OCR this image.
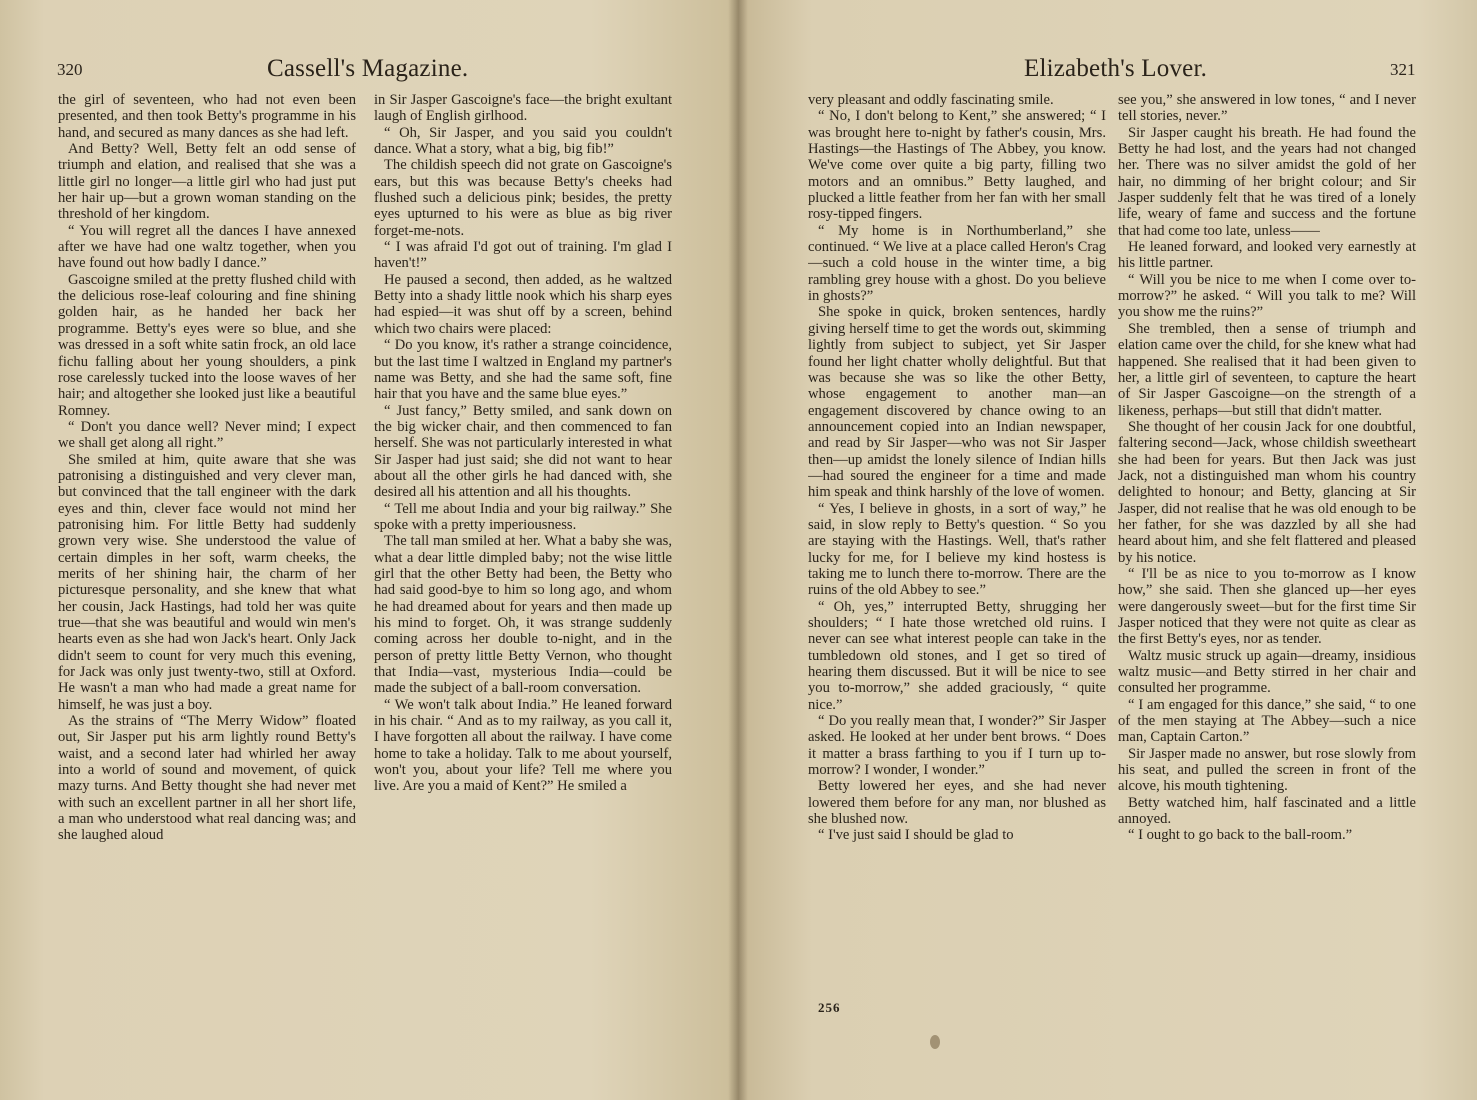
320	Cassell's Magazine.

the girl of seventeen, who had not even been presented, and then took Betty's programme in his hand, and secured as many dances as she had left.

And Betty? Well, Betty felt an odd sense of triumph and elation, and realised that she was a little girl no longer—a little girl who had just put her hair up—but a grown woman standing on the threshold of her kingdom.

“ You will regret all the dances I have annexed after we have had one waltz together, when you have found out how badly I dance.”

Gascoigne smiled at the pretty flushed child with the delicious rose-leaf colouring and fine shining golden hair, as he handed her back her programme. Betty's eyes were so blue, and she was dressed in a soft white satin frock, an old lace fichu falling about her young shoulders, a pink rose carelessly tucked into the loose waves of her hair; and altogether she looked just like a beautiful Romney.

“ Don't you dance well? Never mind; I expect we shall get along all right.”

She smiled at him, quite aware that she was patronising a distinguished and very clever man, but convinced that the tall engineer with the dark eyes and thin, clever face would not mind her patronising him. For little Betty had suddenly grown very wise. She understood the value of certain dimples in her soft, warm cheeks, the merits of her shining hair, the charm of her picturesque personality, and she knew that what her cousin, Jack Hastings, had told her was quite true—that she was beautiful and would win men's hearts even as she had won Jack's heart. Only Jack didn't seem to count for very much this evening, for Jack was only just twenty-two, still at Oxford. He wasn't a man who had made a great name for himself, he was just a boy.

As the strains of “The Merry Widow” floated out, Sir Jasper put his arm lightly round Betty's waist, and a second later had whirled her away into a world of sound and movement, of quick mazy turns. And Betty thought she had never met with such an excellent partner in all her short life, a man who understood what real dancing was; and she laughed aloud

in Sir Jasper Gascoigne's face—the bright exultant laugh of English girlhood.

“ Oh, Sir Jasper, and you said you couldn't dance. What a story, what a big, big fib!”

The childish speech did not grate on Gascoigne's ears, but this was because Betty's cheeks had flushed such a delicious pink; besides, the pretty eyes upturned to his were as blue as big river forget-me-nots.

“ I was afraid I'd got out of training. I'm glad I haven't!”

He paused a second, then added, as he waltzed Betty into a shady little nook which his sharp eyes had espied—it was shut off by a screen, behind which two chairs were placed:

“ Do you know, it's rather a strange coincidence, but the last time I waltzed in England my partner's name was Betty, and she had the same soft, fine hair that you have and the same blue eyes.”

“ Just fancy,” Betty smiled, and sank down on the big wicker chair, and then commenced to fan herself. She was not particularly interested in what Sir Jasper had just said; she did not want to hear about all the other girls he had danced with, she desired all his attention and all his thoughts.

“ Tell me about India and your big railway.” She spoke with a pretty imperiousness.

The tall man smiled at her. What a baby she was, what a dear little dimpled baby; not the wise little girl that the other Betty had been, the Betty who had said good-bye to him so long ago, and whom he had dreamed about for years and then made up his mind to forget. Oh, it was strange suddenly coming across her double to-night, and in the person of pretty little Betty Vernon, who thought that India—vast, mysterious India—could be made the subject of a ball-room conversation.

“ We won't talk about India.” He leaned forward in his chair. “ And as to my railway, as you call it, I have forgotten all about the railway. I have come home to take a holiday. Talk to me about yourself, won't you, about your life? Tell me where you live. Are you a maid of Kent?” He smiled a

Elizabeth's Lover.	321

very pleasant and oddly fascinating smile.

“ No, I don't belong to Kent,” she answered; “ I was brought here to-night by father's cousin, Mrs. Hastings—the Hastings of The Abbey, you know. We've come over quite a big party, filling two motors and an omnibus.” Betty laughed, and plucked a little feather from her fan with her small rosy-tipped fingers.

“ My home is in Northumberland,” she continued. “ We live at a place called Heron's Crag—such a cold house in the winter time, a big rambling grey house with a ghost. Do you believe in ghosts?”

She spoke in quick, broken sentences, hardly giving herself time to get the words out, skimming lightly from subject to subject, yet Sir Jasper found her light chatter wholly delightful. But that was because she was so like the other Betty, whose engagement to another man—an engagement discovered by chance owing to an announcement copied into an Indian newspaper, and read by Sir Jasper—who was not Sir Jasper then—up amidst the lonely silence of Indian hills—had soured the engineer for a time and made him speak and think harshly of the love of women.

“ Yes, I believe in ghosts, in a sort of way,” he said, in slow reply to Betty's question. “ So you are staying with the Hastings. Well, that's rather lucky for me, for I believe my kind hostess is taking me to lunch there to-morrow. There are the ruins of the old Abbey to see.”

“ Oh, yes,” interrupted Betty, shrugging her shoulders; “ I hate those wretched old ruins. I never can see what interest people can take in the tumbledown old stones, and I get so tired of hearing them discussed. But it will be nice to see you to-morrow,” she added graciously, “ quite nice.”

“ Do you really mean that, I wonder?” Sir Jasper asked. He looked at her under bent brows. “ Does it matter a brass farthing to you if I turn up to-morrow? I wonder, I wonder.”

Betty lowered her eyes, and she had never lowered them before for any man, nor blushed as she blushed now.

“ I've just said I should be glad to

see you,” she answered in low tones, “ and I never tell stories, never.”

Sir Jasper caught his breath. He had found the Betty he had lost, and the years had not changed her. There was no silver amidst the gold of her hair, no dimming of her bright colour; and Sir Jasper suddenly felt that he was tired of a lonely life, weary of fame and success and the fortune that had come too late, unless——

He leaned forward, and looked very earnestly at his little partner.

“ Will you be nice to me when I come over to-morrow?” he asked. “ Will you talk to me? Will you show me the ruins?”

She trembled, then a sense of triumph and elation came over the child, for she knew what had happened. She realised that it had been given to her, a little girl of seventeen, to capture the heart of Sir Jasper Gascoigne—on the strength of a likeness, perhaps—but still that didn't matter.

She thought of her cousin Jack for one doubtful, faltering second—Jack, whose childish sweetheart she had been for years. But then Jack was just Jack, not a distinguished man whom his country delighted to honour; and Betty, glancing at Sir Jasper, did not realise that he was old enough to be her father, for she was dazzled by all she had heard about him, and she felt flattered and pleased by his notice.

“ I'll be as nice to you to-morrow as I know how,” she said. Then she glanced up—her eyes were dangerously sweet—but for the first time Sir Jasper noticed that they were not quite as clear as the first Betty's eyes, nor as tender.

Waltz music struck up again—dreamy, insidious waltz music—and Betty stirred in her chair and consulted her programme.

“ I am engaged for this dance,” she said, “ to one of the men staying at The Abbey—such a nice man, Captain Carton.”

Sir Jasper made no answer, but rose slowly from his seat, and pulled the screen in front of the alcove, his mouth tightening.

Betty watched him, half fascinated and a little annoyed.

“ I ought to go back to the ball-room.”

256
